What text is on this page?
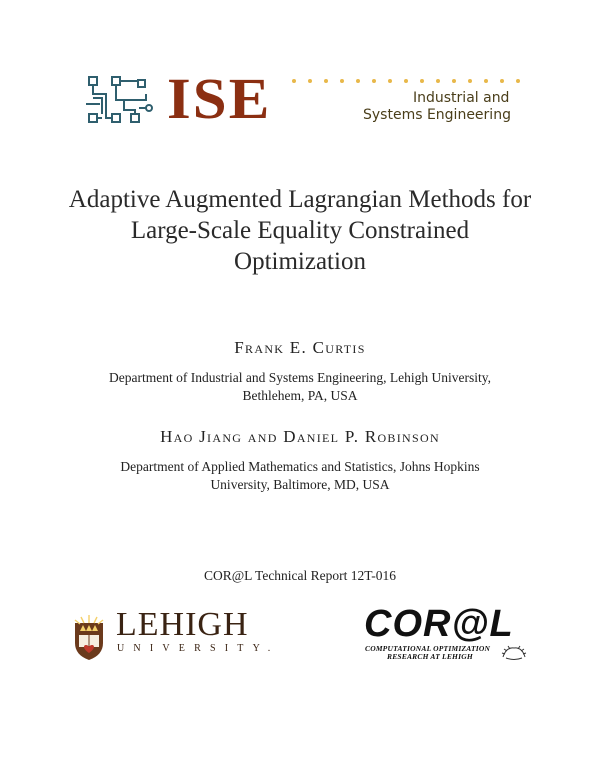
ISE	Industrial and
Systems Engineering
Adaptive Augmented Lagrangian Methods for
Large-Scale Equality Constrained
Optimization
Frank E. Curtis
Department of Industrial and Systems Engineering, Lehigh University,
Bethlehem, PA, USA
Hao Jiang and Daniel P. Robinson
Department of Applied Mathematics and Statistics, Johns Hopkins
University, Baltimore, MD, USA
COR@L Technical Report 12T-016
LEHIGH
UNIVERSITY.
COR@L
COMPUTATIONAL OPTIMIZATION
RESEARCH AT LEHIGH
